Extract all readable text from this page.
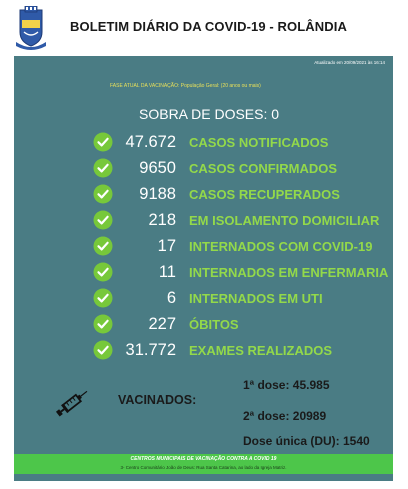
BOLETIM DIÁRIO DA COVID-19 - ROLÂNDIA
Atualizado em 20/09/2021 às 16:14
FASE ATUAL DA VACINAÇÃO: População Geral: (20 anos ou mais)
SOBRA DE DOSES: 0
47.672 CASOS NOTIFICADOS
9650 CASOS CONFIRMADOS
9188 CASOS RECUPERADOS
218 EM ISOLAMENTO DOMICILIAR
17 INTERNADOS COM COVID-19
11 INTERNADOS EM ENFERMARIA
6 INTERNADOS EM UTI
227 ÓBITOS
31.772 EXAMES REALIZADOS
VACINADOS:
1ª dose: 45.985
2ª dose: 20989
Dose única (DU): 1540
CENTROS MUNICIPAIS DE VACINAÇÃO CONTRA A COVID 19
3- Centro Comunitário João de Deus: Rua Santa Catarina, ao lado da Igreja Matriz.
